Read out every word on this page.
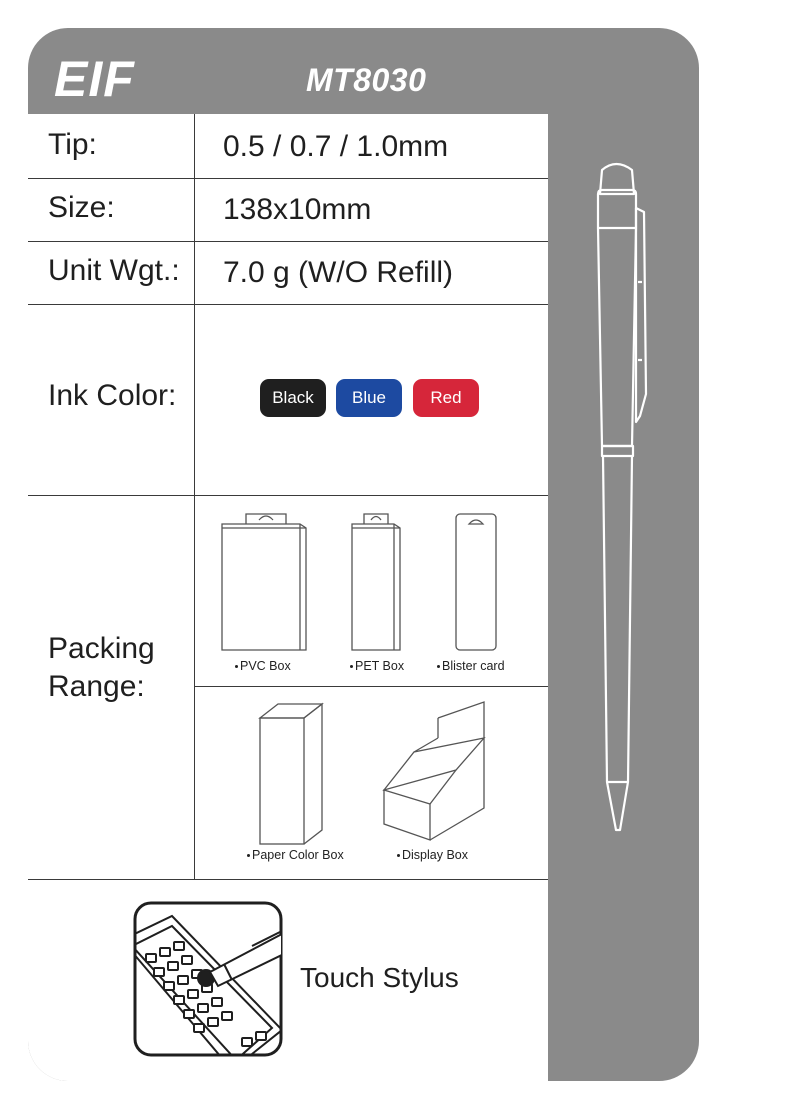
EIF	MT8030
Tip:	0.5 / 0.7 / 1.0mm
Size:	138x10mm
Unit Wgt.: 7.0 g (W/O Refill)
Ink Color:	Black	Blue	Red
Packing
Range:
PVC Box	PET Box	Blister card
Paper Color Box	Display Box
Touch Stylus
